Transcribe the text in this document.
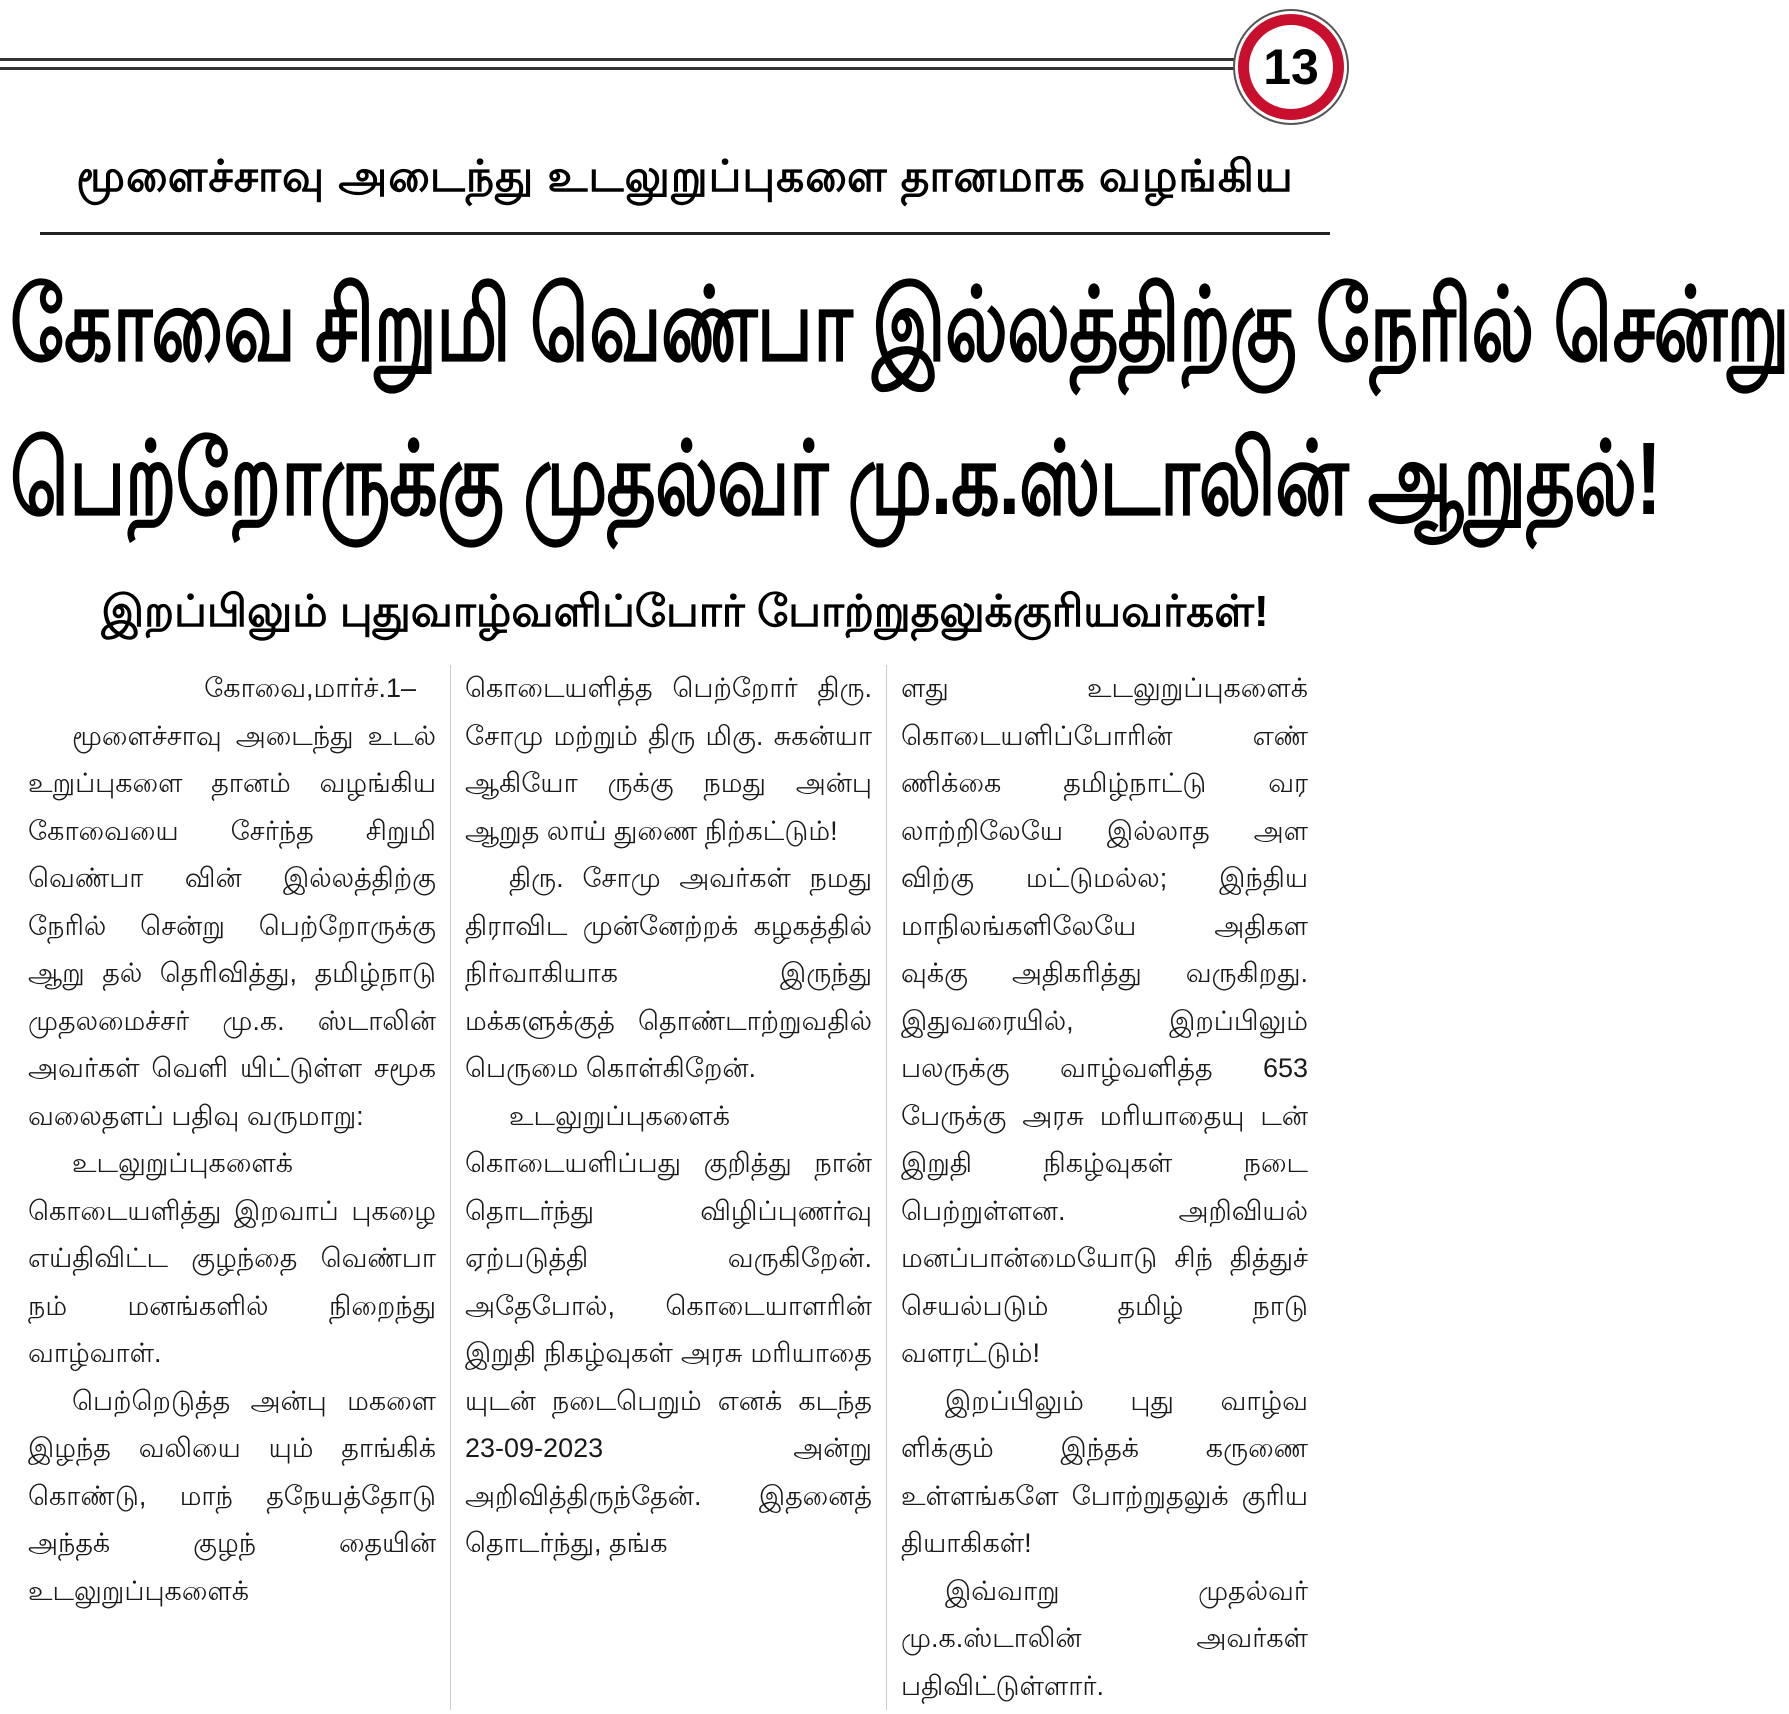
13
மூளைச்சாவு அடைந்து உடலுறுப்புகளை தானமாக வழங்கிய
கோவை சிறுமி வெண்பா இல்லத்திற்கு நேரில் சென்று
பெற்றோருக்கு முதல்வர் மு.க.ஸ்டாலின் ஆறுதல்!
இறப்பிலும் புதுவாழ்வளிப்போர் போற்றுதலுக்குரியவர்கள்!
கோவை,மார்ச்.1–

மூளைச்சாவு அடைந்து உடல் உறுப்புகளை தானம் வழங்கிய கோவையை சேர்ந்த சிறுமி வெண்பா வின் இல்லத்திற்கு நேரில் சென்று பெற்றோருக்கு ஆறு தல் தெரிவித்து, தமிழ்நாடு முதலமைச்சர் மு.க. ஸ்டாலின் அவர்கள் வெளி யிட்டுள்ள சமூக வலைதளப் பதிவு வருமாறு:

உடலுறுப்புகளைக் கொடையளித்து இறவாப் புகழை எய்திவிட்ட குழந்தை வெண்பா நம் மனங்களில் நிறைந்து வாழ்வாள்.

பெற்றெடுத்த அன்பு மகளை இழந்த வலியை யும் தாங்கிக் கொண்டு, மாந் தநேயத்தோடு அந்தக் குழந் தையின் உடலுறுப்புகளைக்

கொடையளித்த பெற்றோர் திரு. சோமு மற்றும் திரு மிகு. சுகன்யா ஆகியோ ருக்கு நமது அன்பு ஆறுத லாய் துணை நிற்கட்டும்!

திரு. சோமு அவர்கள் நமது திராவிட முன்னேற்றக் கழகத்தில் நிர்வாகியாக இருந்து மக்களுக்குத் தொண்டாற்றுவதில் பெருமை கொள்கிறேன்.

உடலுறுப்புகளைக் கொடையளிப்பது குறித்து நான் தொடர்ந்து விழிப்புணர்வு ஏற்படுத்தி வருகிறேன். அதேபோல், கொடையாளரின் இறுதி நிகழ்வுகள் அரசு மரியாதை யுடன் நடைபெறும் எனக் கடந்த 23-09-2023 அன்று அறிவித்திருந்தேன். இதனைத் தொடர்ந்து, தங்க

ளது உடலுறுப்புகளைக் கொடையளிப்போரின் எண் ணிக்கை தமிழ்நாட்டு வர லாற்றிலேயே இல்லாத அள விற்கு மட்டுமல்ல; இந்திய மாநிலங்களிலேயே அதிகள வுக்கு அதிகரித்து வருகிறது. இதுவரையில், இறப்பிலும் பலருக்கு வாழ்வளித்த 653 பேருக்கு அரசு மரியாதையு டன் இறுதி நிகழ்வுகள் நடை பெற்றுள்ளன. அறிவியல் மனப்பான்மையோடு சிந் தித்துச் செயல்படும் தமிழ் நாடு வளரட்டும்!

இறப்பிலும் புது வாழ்வ ளிக்கும் இந்தக் கருணை உள்ளங்களே போற்றுதலுக் குரிய தியாகிகள்!

இவ்வாறு முதல்வர் மு.க.ஸ்டாலின் அவர்கள் பதிவிட்டுள்ளார்.
